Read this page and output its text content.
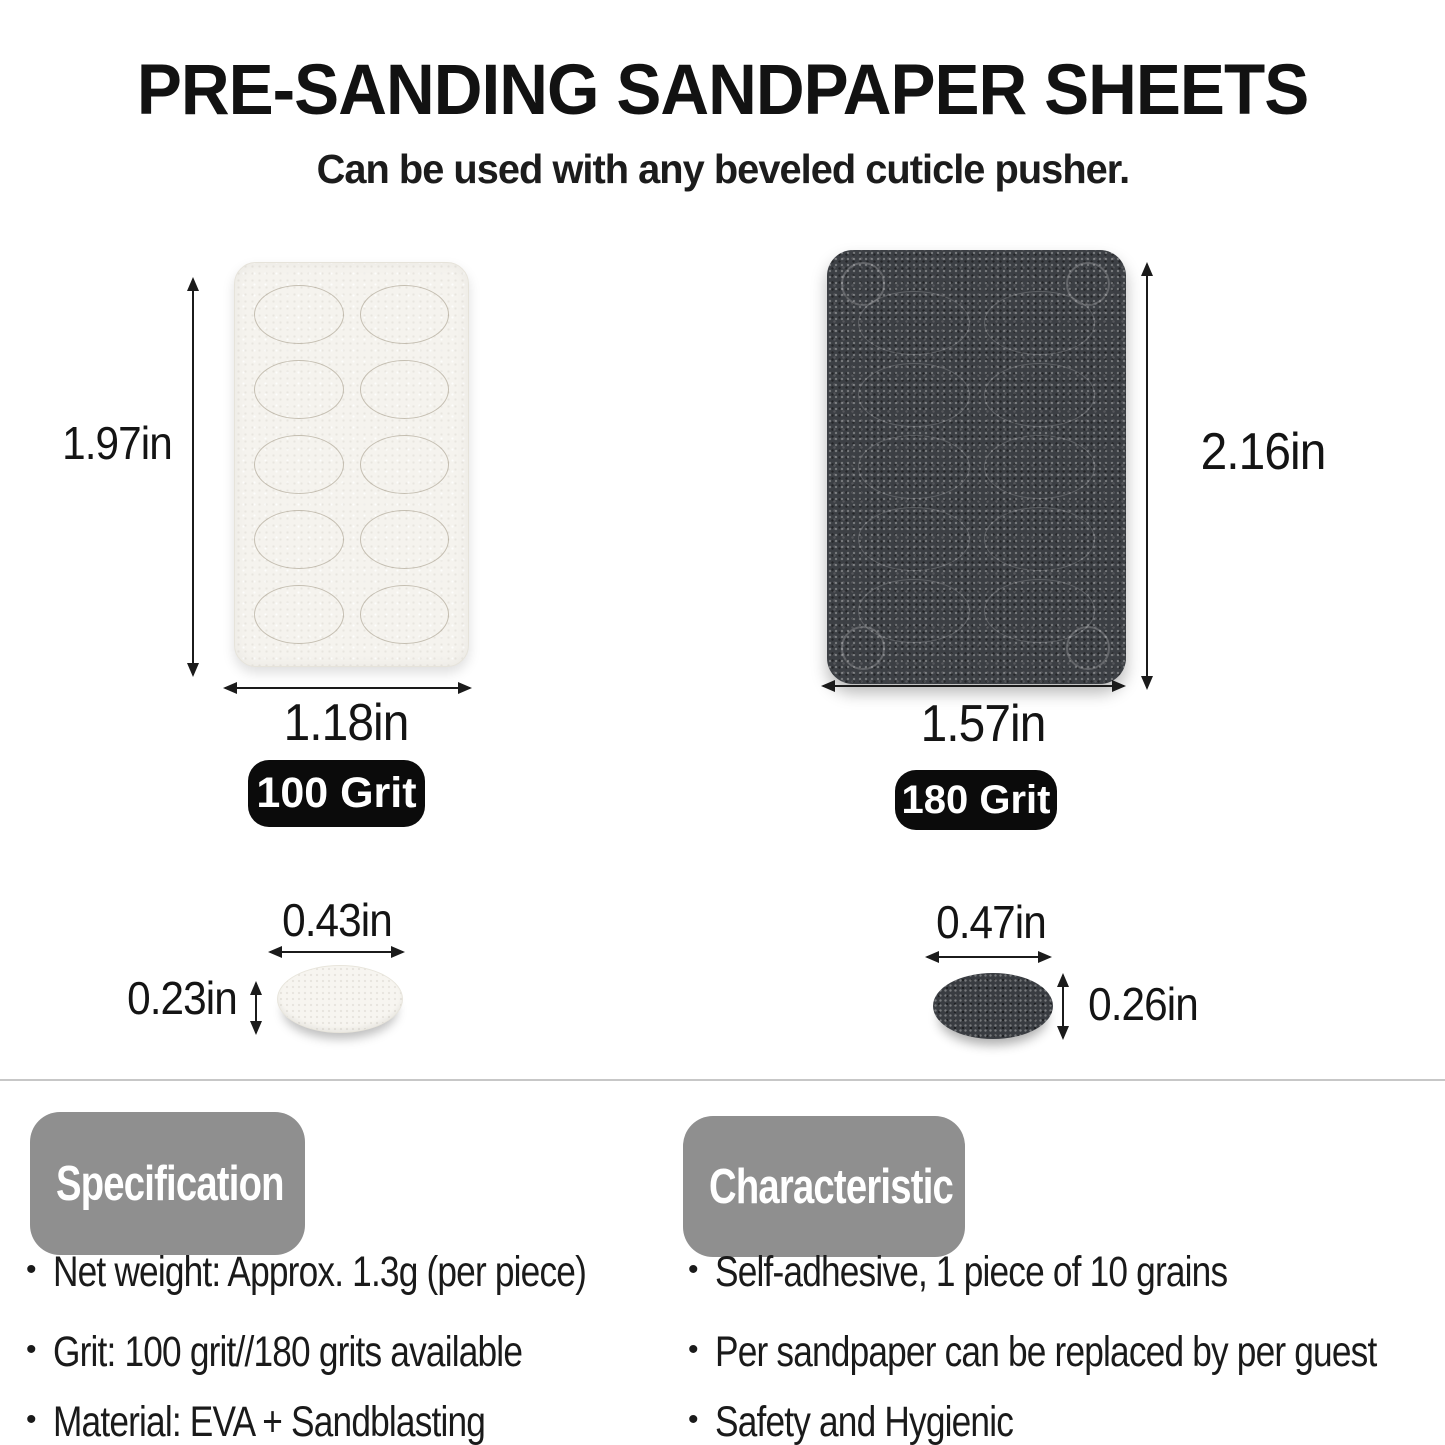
PRE-SANDING SANDPAPER SHEETS
Can be used with any beveled cuticle pusher.
1.97in
1.18in
2.16in
1.57in
100 Grit	180 Grit
0.43in
0.23in
0.47in
0.26in
Specification
• Net weight: Approx. 1.3g (per piece)
• Grit: 100 grit//180 grits available
• Material: EVA + Sandblasting
Characteristic
• Self-adhesive, 1 piece of 10 grains
• Per sandpaper can be replaced by per guest
• Safety and Hygienic
